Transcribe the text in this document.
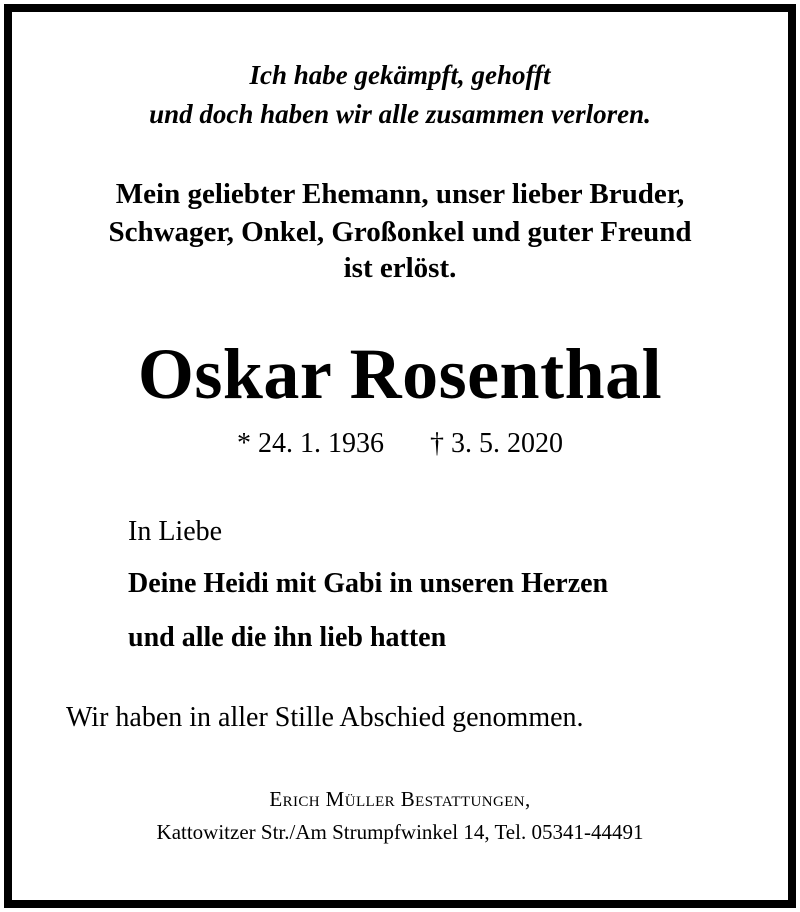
Ich habe gekämpft, gehofft
und doch haben wir alle zusammen verloren.
Mein geliebter Ehemann, unser lieber Bruder,
Schwager, Onkel, Großonkel und guter Freund
ist erlöst.
Oskar Rosenthal
* 24. 1. 1936 † 3. 5. 2020
In Liebe
Deine Heidi mit Gabi in unseren Herzen
und alle die ihn lieb hatten
Wir haben in aller Stille Abschied genommen.
Erich Müller Bestattungen,
Kattowitzer Str./Am Strumpfwinkel 14, Tel. 05341-44491
